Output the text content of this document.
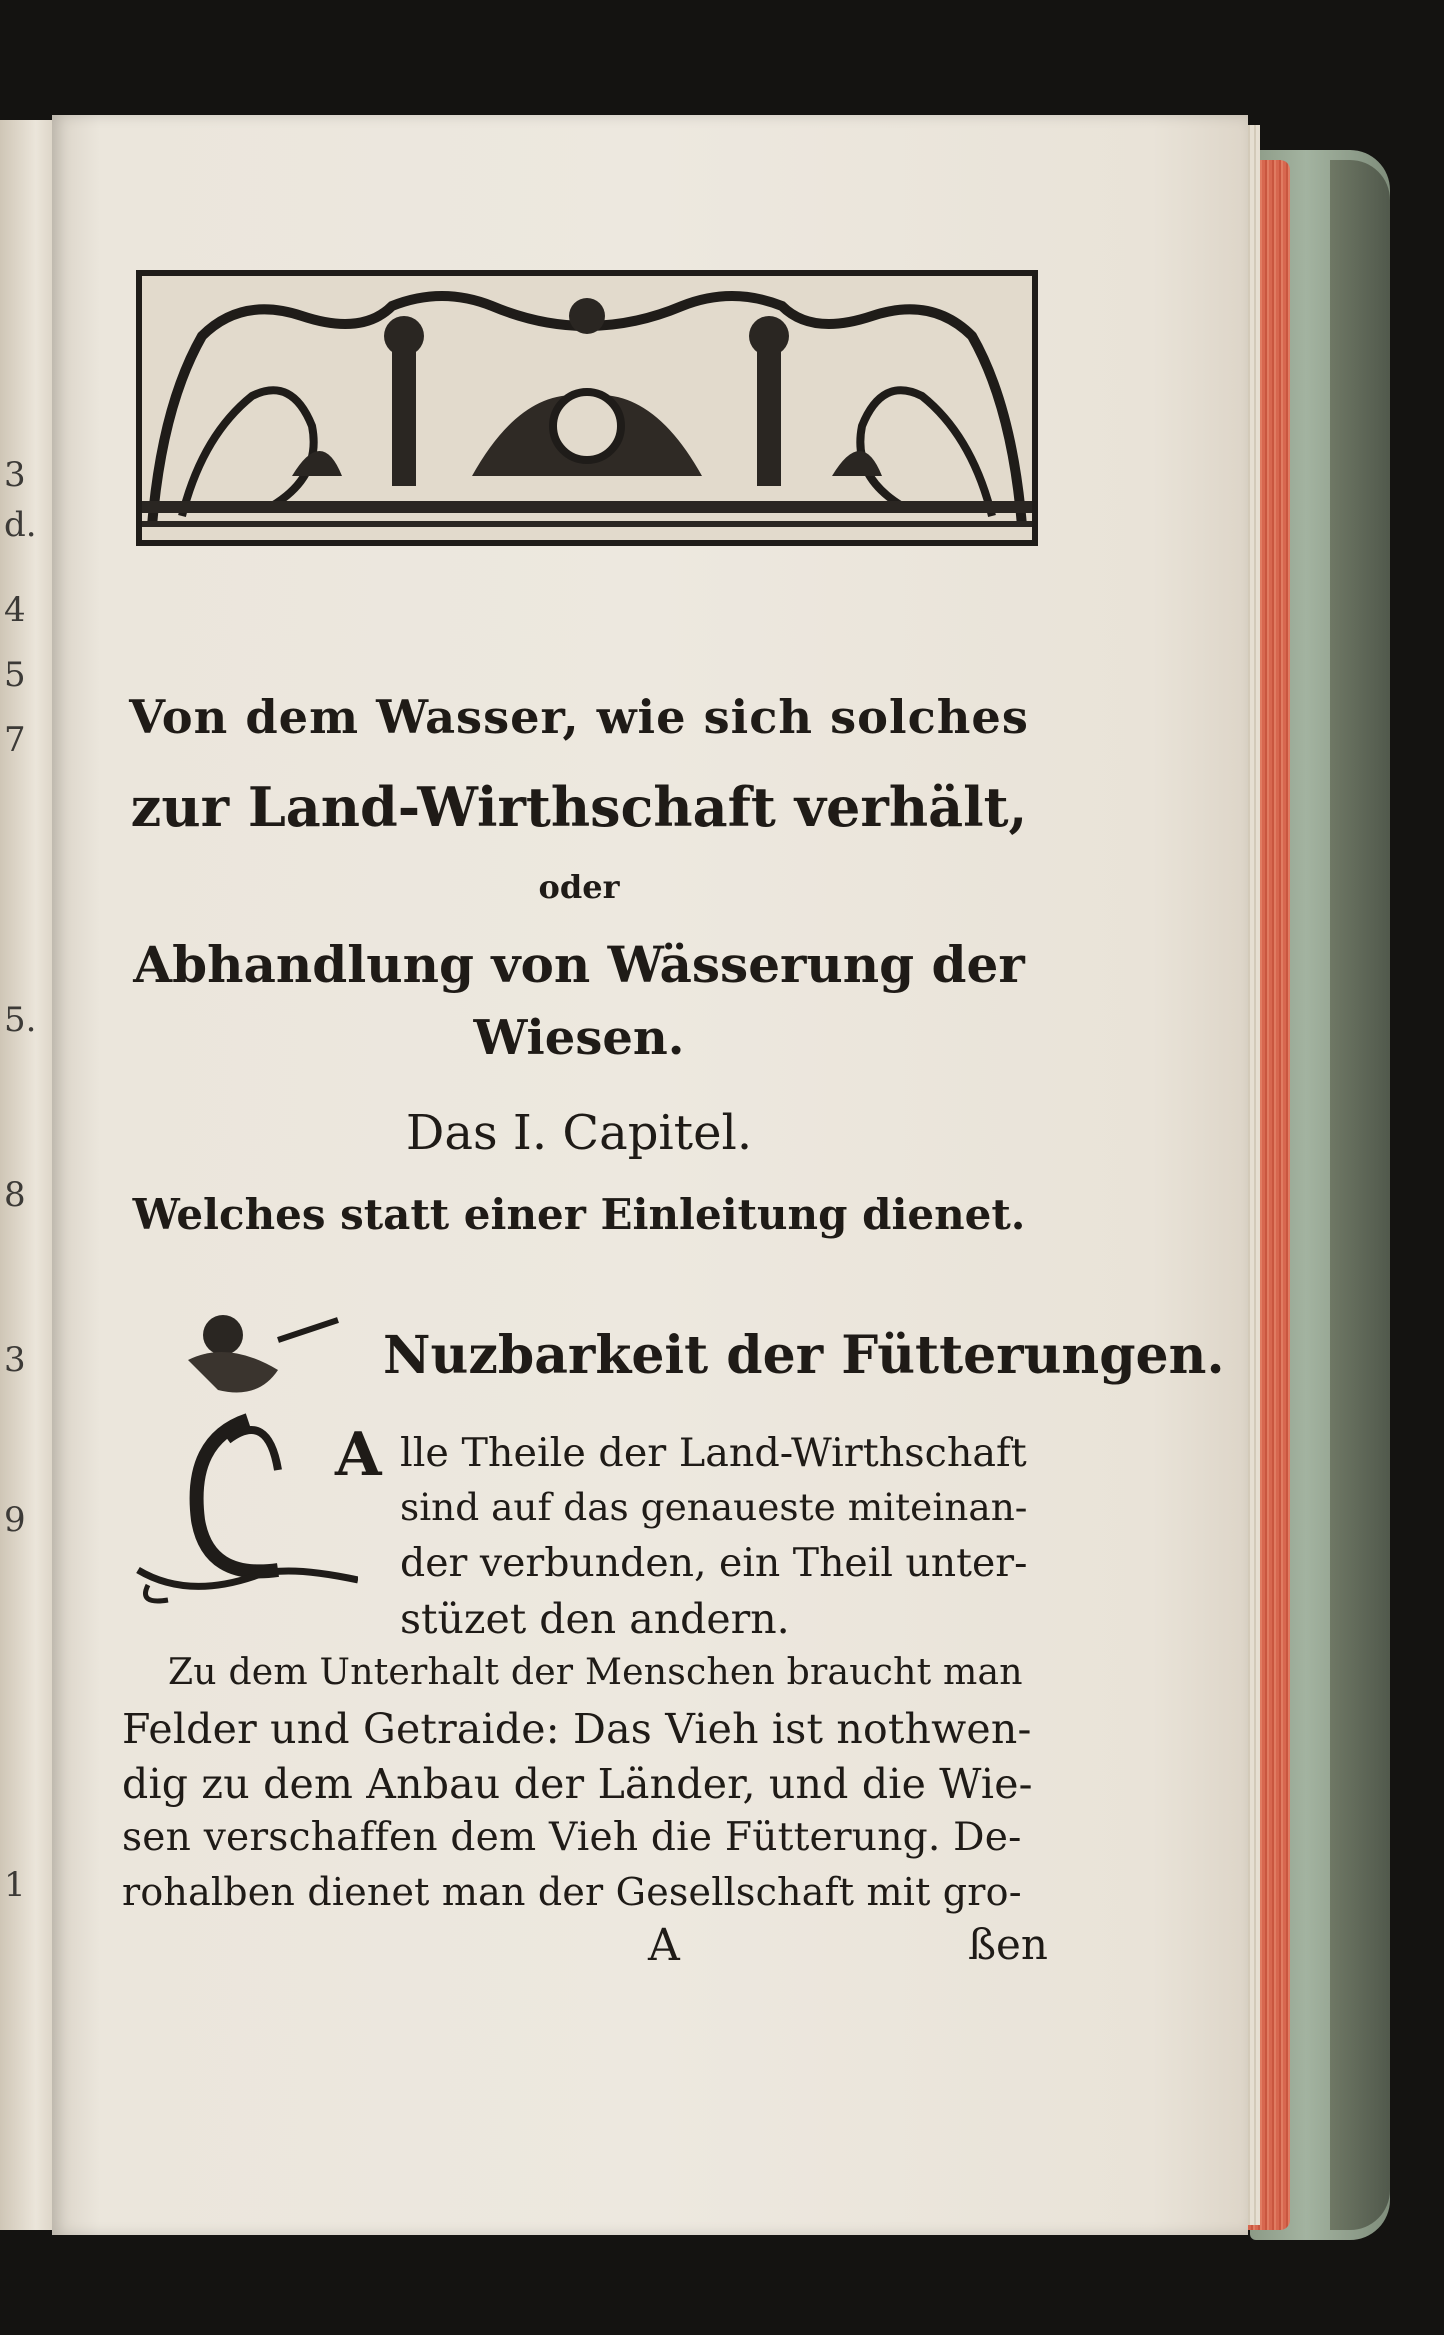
3
d.
4
5
7
5.
8
3
9
1
Von dem Wasser, wie sich solches
zur Land-Wirthschaft verhält,
oder
Abhandlung von Wässerung der
Wiesen.
Das I. Capitel.
Welches statt einer Einleitung dienet.
Nuzbarkeit der Fütterungen.
A lle Theile der Land-Wirthschaft
sind auf das genaueste miteinan-
der verbunden, ein Theil unter-
stüzet den andern.
Zu dem Unterhalt der Menschen braucht man
Felder und Getraide: Das Vieh ist nothwen-
dig zu dem Anbau der Länder, und die Wie-
sen verschaffen dem Vieh die Fütterung. De-
rohalben dienet man der Gesellschaft mit gro-
A	ßen
